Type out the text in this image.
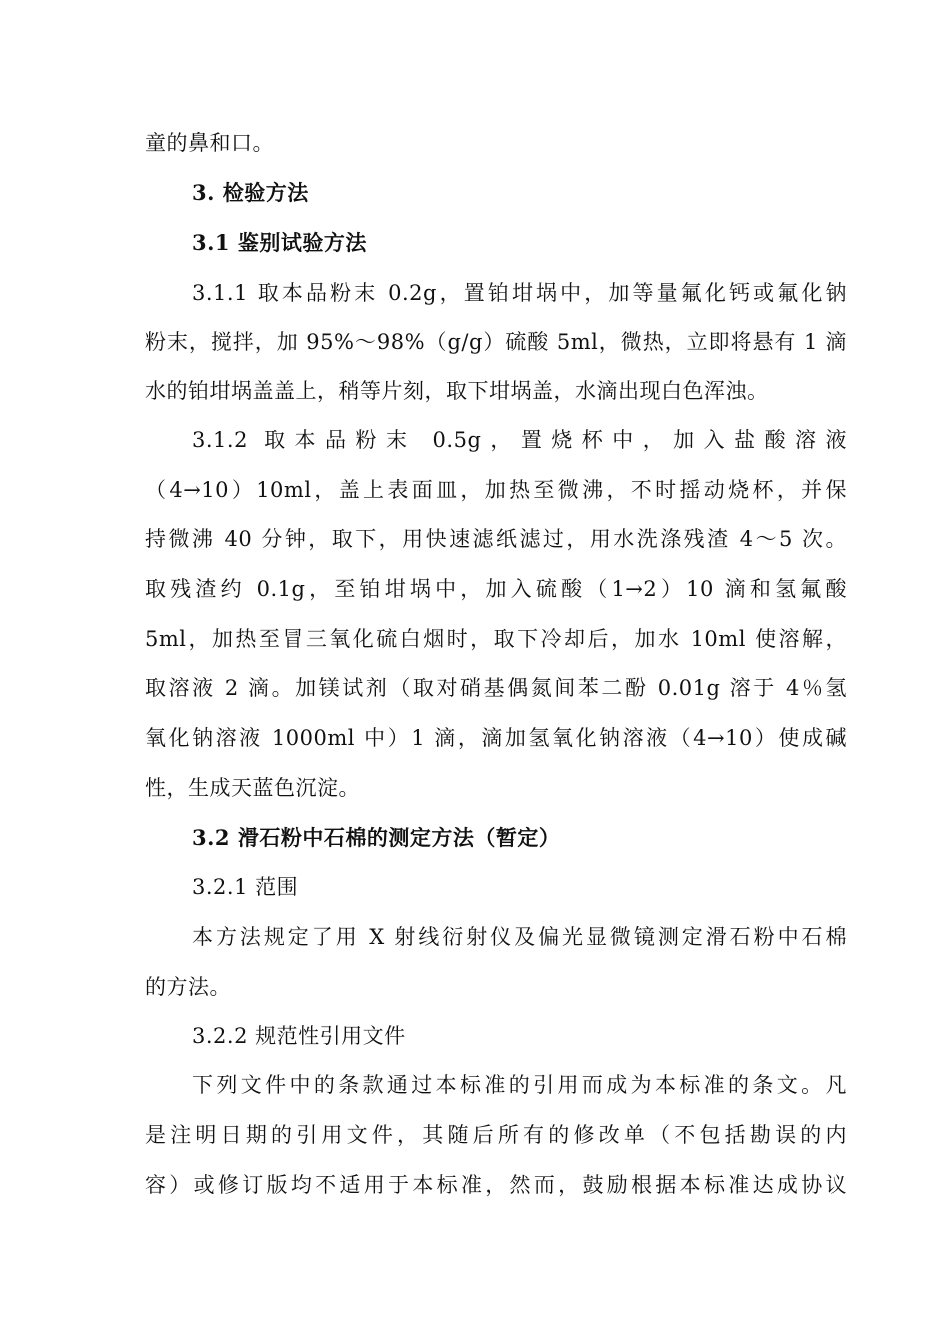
童的鼻和口。
3. 检验方法
3.1 鉴别试验方法
3.1.1 取本品粉末 0.2g，置铂坩埚中，加等量氟化钙或氟化钠
粉末，搅拌，加 95%～98%（g/g）硫酸 5ml，微热，立即将悬有 1 滴
水的铂坩埚盖盖上，稍等片刻，取下坩埚盖，水滴出现白色浑浊。
3.1.2 取本品粉末 0.5g，置烧杯中，加入盐酸溶液
（4→10）10ml，盖上表面皿，加热至微沸，不时摇动烧杯，并保
持微沸 40 分钟，取下，用快速滤纸滤过，用水洗涤残渣 4～5 次。
取残渣约 0.1g，至铂坩埚中，加入硫酸（1→2）10 滴和氢氟酸
5ml，加热至冒三氧化硫白烟时，取下冷却后，加水 10ml 使溶解，
取溶液 2 滴。加镁试剂（取对硝基偶氮间苯二酚 0.01g 溶于 4％氢
氧化钠溶液 1000ml 中）1 滴，滴加氢氧化钠溶液（4→10）使成碱
性，生成天蓝色沉淀。
3.2 滑石粉中石棉的测定方法（暂定）
3.2.1 范围
本方法规定了用 X 射线衍射仪及偏光显微镜测定滑石粉中石棉
的方法。
3.2.2 规范性引用文件
下列文件中的条款通过本标准的引用而成为本标准的条文。凡
是注明日期的引用文件，其随后所有的修改单（不包括勘误的内
容）或修订版均不适用于本标准，然而，鼓励根据本标准达成协议
